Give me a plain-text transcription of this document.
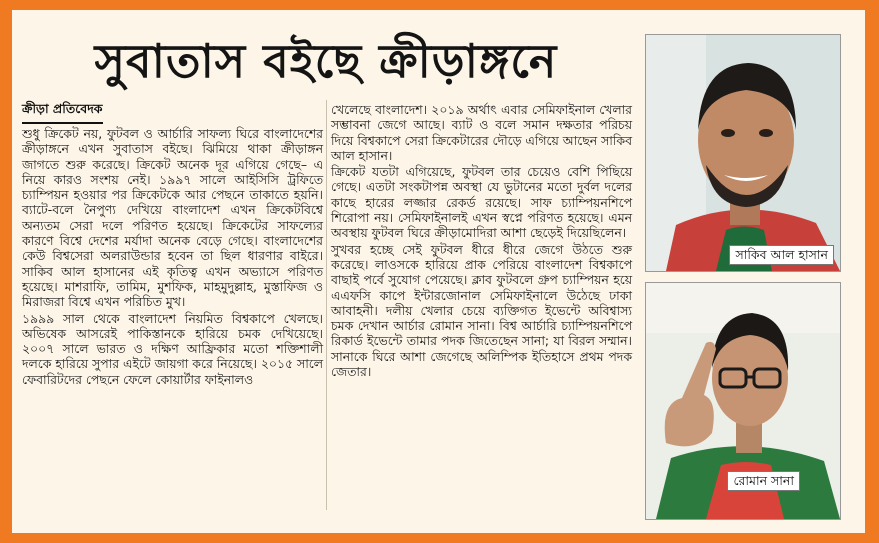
সুবাতাস বইছে ক্রীড়াঙ্গনে
ক্রীড়া প্রতিবেদক

শুধু ক্রিকেট নয়, ফুটবল ও আর্চারি সাফল্য ঘিরে বাংলাদেশের ক্রীড়াঙ্গনে এখন সুবাতাস বইছে। ঝিমিয়ে থাকা ক্রীড়াঙ্গন জাগতে শুরু করেছে। ক্রিকেট অনেক দূর এগিয়ে গেছে– এ নিয়ে কারও সংশয় নেই। ১৯৯৭ সালে আইসিসি ট্রফিতে চ্যাম্পিয়ন হওয়ার পর ক্রিকেটকে আর পেছনে তাকাতে হয়নি। ব্যাটে-বলে নৈপুণ্য দেখিয়ে বাংলাদেশ এখন ক্রিকেটবিশ্বে অন্যতম সেরা দলে পরিণত হয়েছে। ক্রিকেটের সাফল্যের কারণে বিশ্বে দেশের মর্যাদা অনেক বেড়ে গেছে। বাংলাদেশের কেউ বিশ্বসেরা অলরাউন্ডার হবেন তা ছিল ধারণার বাইরে। সাকিব আল হাসানের এই কৃতিত্ব এখন অভ্যাসে পরিণত হয়েছে। মাশরাফি, তামিম, মুশফিক, মাহমুদুল্লাহ, মুস্তাফিজ ও মিরাজরা বিশ্বে এখন পরিচিত মুখ।

১৯৯৯ সাল থেকে বাংলাদেশ নিয়মিত বিশ্বকাপে খেলছে। অভিষেক আসরেই পাকিস্তানকে হারিয়ে চমক দেখিয়েছে। ২০০৭ সালে ভারত ও দক্ষিণ আফ্রিকার মতো শক্তিশালী দলকে হারিয়ে সুপার এইটে জায়গা করে নিয়েছে। ২০১৫ সালে ফেবারিটদের পেছনে ফেলে কোয়ার্টার ফাইনালও

খেলেছে বাংলাদেশ। ২০১৯ অর্থাৎ এবার সেমিফাইনাল খেলার সম্ভাবনা জেগে আছে। ব্যাট ও বলে সমান দক্ষতার পরিচয় দিয়ে বিশ্বকাপে সেরা ক্রিকেটারের দৌড়ে এগিয়ে আছেন সাকিব আল হাসান।

ক্রিকেট যতটা এগিয়েছে, ফুটবল তার চেয়েও বেশি পিছিয়ে গেছে। এতটা সংকটাপন্ন অবস্থা যে ভুটানের মতো দুর্বল দলের কাছে হারের লজ্জার রেকর্ড রয়েছে। সাফ চ্যাম্পিয়নশিপে শিরোপা নয়। সেমিফাইনালই এখন স্বপ্নে পরিণত হয়েছে। এমন অবস্থায় ফুটবল ঘিরে ক্রীড়ামোদিরা আশা ছেড়েই দিয়েছিলেন।

সুখবর হচ্ছে সেই ফুটবল ধীরে ধীরে জেগে উঠতে শুরু করেছে। লাওসকে হারিয়ে প্রাক পেরিয়ে বাংলাদেশ বিশ্বকাপে বাছাই পর্বে সুযোগ পেয়েছে। ক্লাব ফুটবলে গ্রুপ চ্যাম্পিয়ন হয়ে এএফসি কাপে ইন্টারজোনাল সেমিফাইনালে উঠেছে ঢাকা আবাহনী। দলীয় খেলার চেয়ে ব্যক্তিগত ইভেন্টে অবিশ্বাস্য চমক দেখান আর্চার রোমান সানা। বিশ্ব আর্চারি চ্যাম্পিয়নশিপে রিকার্ড ইভেন্টে তামার পদক জিতেছেন সানা; যা বিরল সম্মান। সানাকে ঘিরে আশা জেগেছে অলিম্পিক ইতিহাসে প্রথম পদক জেতার।

সাকিব আল হাসান
রোমান সানা
